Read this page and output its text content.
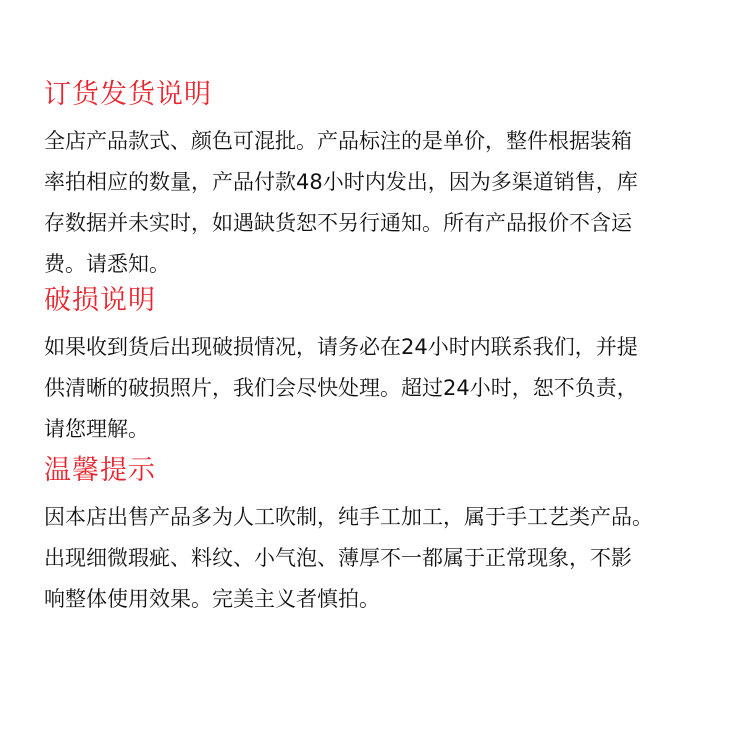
订货发货说明
全店产品款式、颜色可混批。产品标注的是单价，整件根据装箱
率拍相应的数量，产品付款48小时内发出，因为多渠道销售，库
存数据并未实时，如遇缺货恕不另行通知。所有产品报价不含运
费。请悉知。
破损说明
如果收到货后出现破损情况，请务必在24小时内联系我们，并提
供清晰的破损照片，我们会尽快处理。超过24小时，恕不负责，
请您理解。
温馨提示
因本店出售产品多为人工吹制，纯手工加工，属于手工艺类产品。
出现细微瑕疵、料纹、小气泡、薄厚不一都属于正常现象，不影
响整体使用效果。完美主义者慎拍。
